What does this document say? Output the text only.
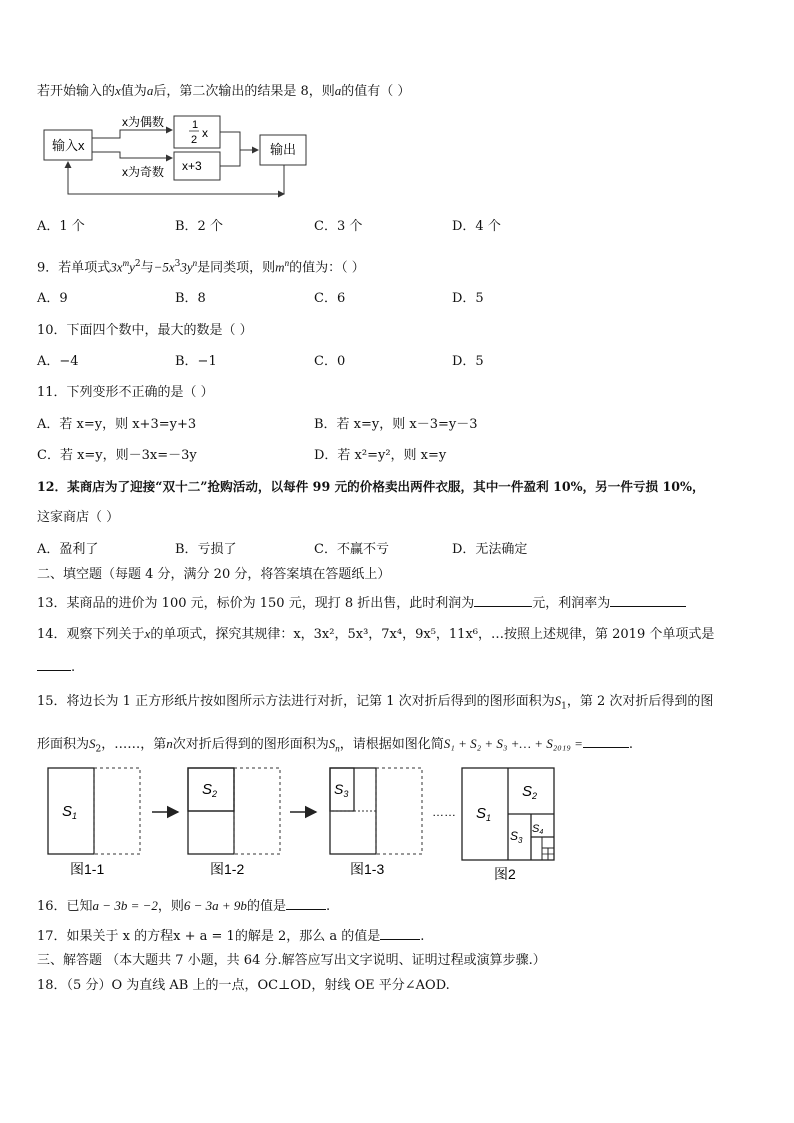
若开始输入的x值为a后，第二次输出的结果是 8，则a的值有（ ）
输入x
x为偶数	1
2 x
x为奇数 x+3
输出
A．1 个	B．2 个	C．3 个	D．4 个
9．若单项式$3x^my^2$与$-5x^33y^n$是同类项，则$m^n$的值为：（ ）
A．9	B．8	C．6	D．5
10．下面四个数中，最大的数是（ ）
A．−4	B．−1	C．0	D．5
11．下列变形不正确的是（ ）
A．若 x=y，则 x+3=y+3	B．若 x=y，则 x－3=y－3
C．若 x=y，则－3x=－3y	D．若 x²=y²，则 x=y
12．某商店为了迎接“双十二”抢购活动，以每件 99 元的价格卖出两件衣服，其中一件盈利 10%，另一件亏损 10%，
这家商店（ ）
A．盈利了	B．亏损了	C．不赢不亏	D．无法确定
二、填空题（每题 4 分，满分 20 分，将答案填在答题纸上）
13．某商品的进价为 100 元，标价为 150 元，现打 8 折出售，此时利润为	元，利润率为
14．观察下列关于x的单项式，探究其规律：x，3x²，5x³，7x⁴，9x⁵，11x⁶，…按照上述规律，第 2019 个单项式是
.
15．将边长为 1 正方形纸片按如图所示方法进行对折，记第 1 次对折后得到的图形面积为$S_1$，第 2 次对折后得到的图
形面积为$S_2$，……，第n次对折后得到的图形面积为$S_n$，请根据如图化简S₁ + S₂ + S₃ +… + S₂₀₁₉ =	.
$S_1$
图1-1
$S_2$
图1-2
$S_3$
图1-3
…… $S_1$
$S_2$
$S_3$
S4
图2
16．已知a − 3b = −2，则6 − 3a + 9b的值是	.
17．如果关于 x 的方程x + a = 1的解是 2，那么 a 的值是	.
三、解答题 （本大题共 7 小题，共 64 分.解答应写出文字说明、证明过程或演算步骤.）
18．（5 分）O 为直线 AB 上的一点，OC⊥OD，射线 OE 平分∠AOD.
